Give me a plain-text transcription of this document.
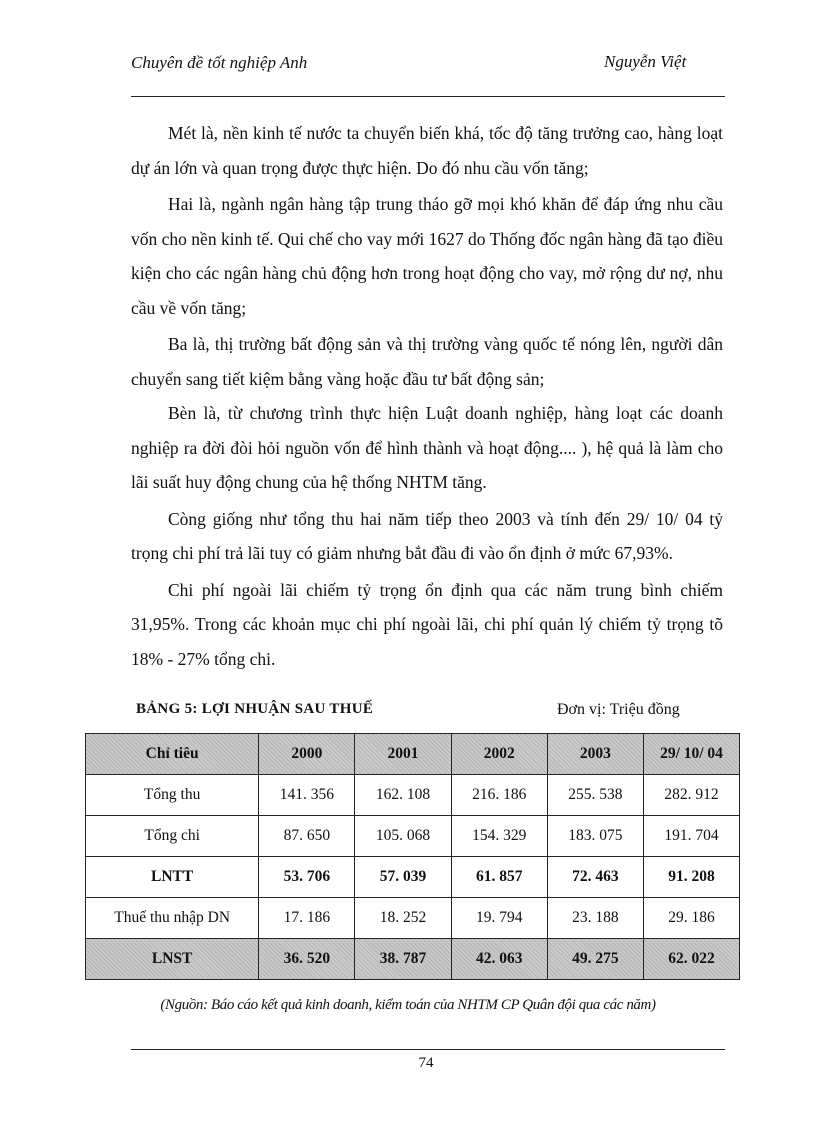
Chuyên đề tốt nghiệp Anh	Nguyễn Việt

Mét là, nền kinh tế nước ta chuyển biến khá, tốc độ tăng trưởng cao, hàng loạt dự án lớn và quan trọng được thực hiện. Do đó nhu cầu vốn tăng;

Hai là, ngành ngân hàng tập trung tháo gỡ mọi khó khăn để đáp ứng nhu cầu vốn cho nền kinh tế. Qui chế cho vay mới 1627 do Thống đốc ngân hàng đã tạo điều kiện cho các ngân hàng chủ động hơn trong hoạt động cho vay, mở rộng dư nợ, nhu cầu về vốn tăng;

Ba là, thị trường bất động sản và thị trường vàng quốc tế nóng lên, người dân chuyển sang tiết kiệm bằng vàng hoặc đầu tư bất động sản;

Bèn là, từ chương trình thực hiện Luật doanh nghiệp, hàng loạt các doanh nghiệp ra đời đòi hỏi nguồn vốn để hình thành và hoạt động.... ), hệ quả là làm cho lãi suất huy động chung của hệ thống NHTM tăng.

Còng giống như tổng thu hai năm tiếp theo 2003 và tính đến 29/ 10/ 04 tỷ trọng chi phí trả lãi tuy có giảm nhưng bắt đầu đi vào ổn định ở mức 67,93%.

Chi phí ngoài lãi chiếm tỷ trọng ổn định qua các năm trung bình chiếm 31,95%. Trong các khoản mục chi phí ngoài lãi, chi phí quản lý chiếm tỷ trọng tõ 18% - 27% tổng chi.

BẢNG 5: LỢI NHUẬN SAU THUẾ	Đơn vị: Triệu đồng
Chỉ tiêu	2000	2001	2002	2003	29/ 10/ 04
Tổng thu	141. 356	162. 108	216. 186	255. 538	282. 912
Tổng chi	87. 650	105. 068	154. 329	183. 075	191. 704
LNTT	53. 706	57. 039	61. 857	72. 463	91. 208
Thuế thu nhập DN	17. 186	18. 252	19. 794	23. 188	29. 186
LNST	36. 520	38. 787	42. 063	49. 275	62. 022
(Nguồn: Báo cáo kết quả kinh doanh, kiểm toán của NHTM CP Quân đội qua các năm)
74
